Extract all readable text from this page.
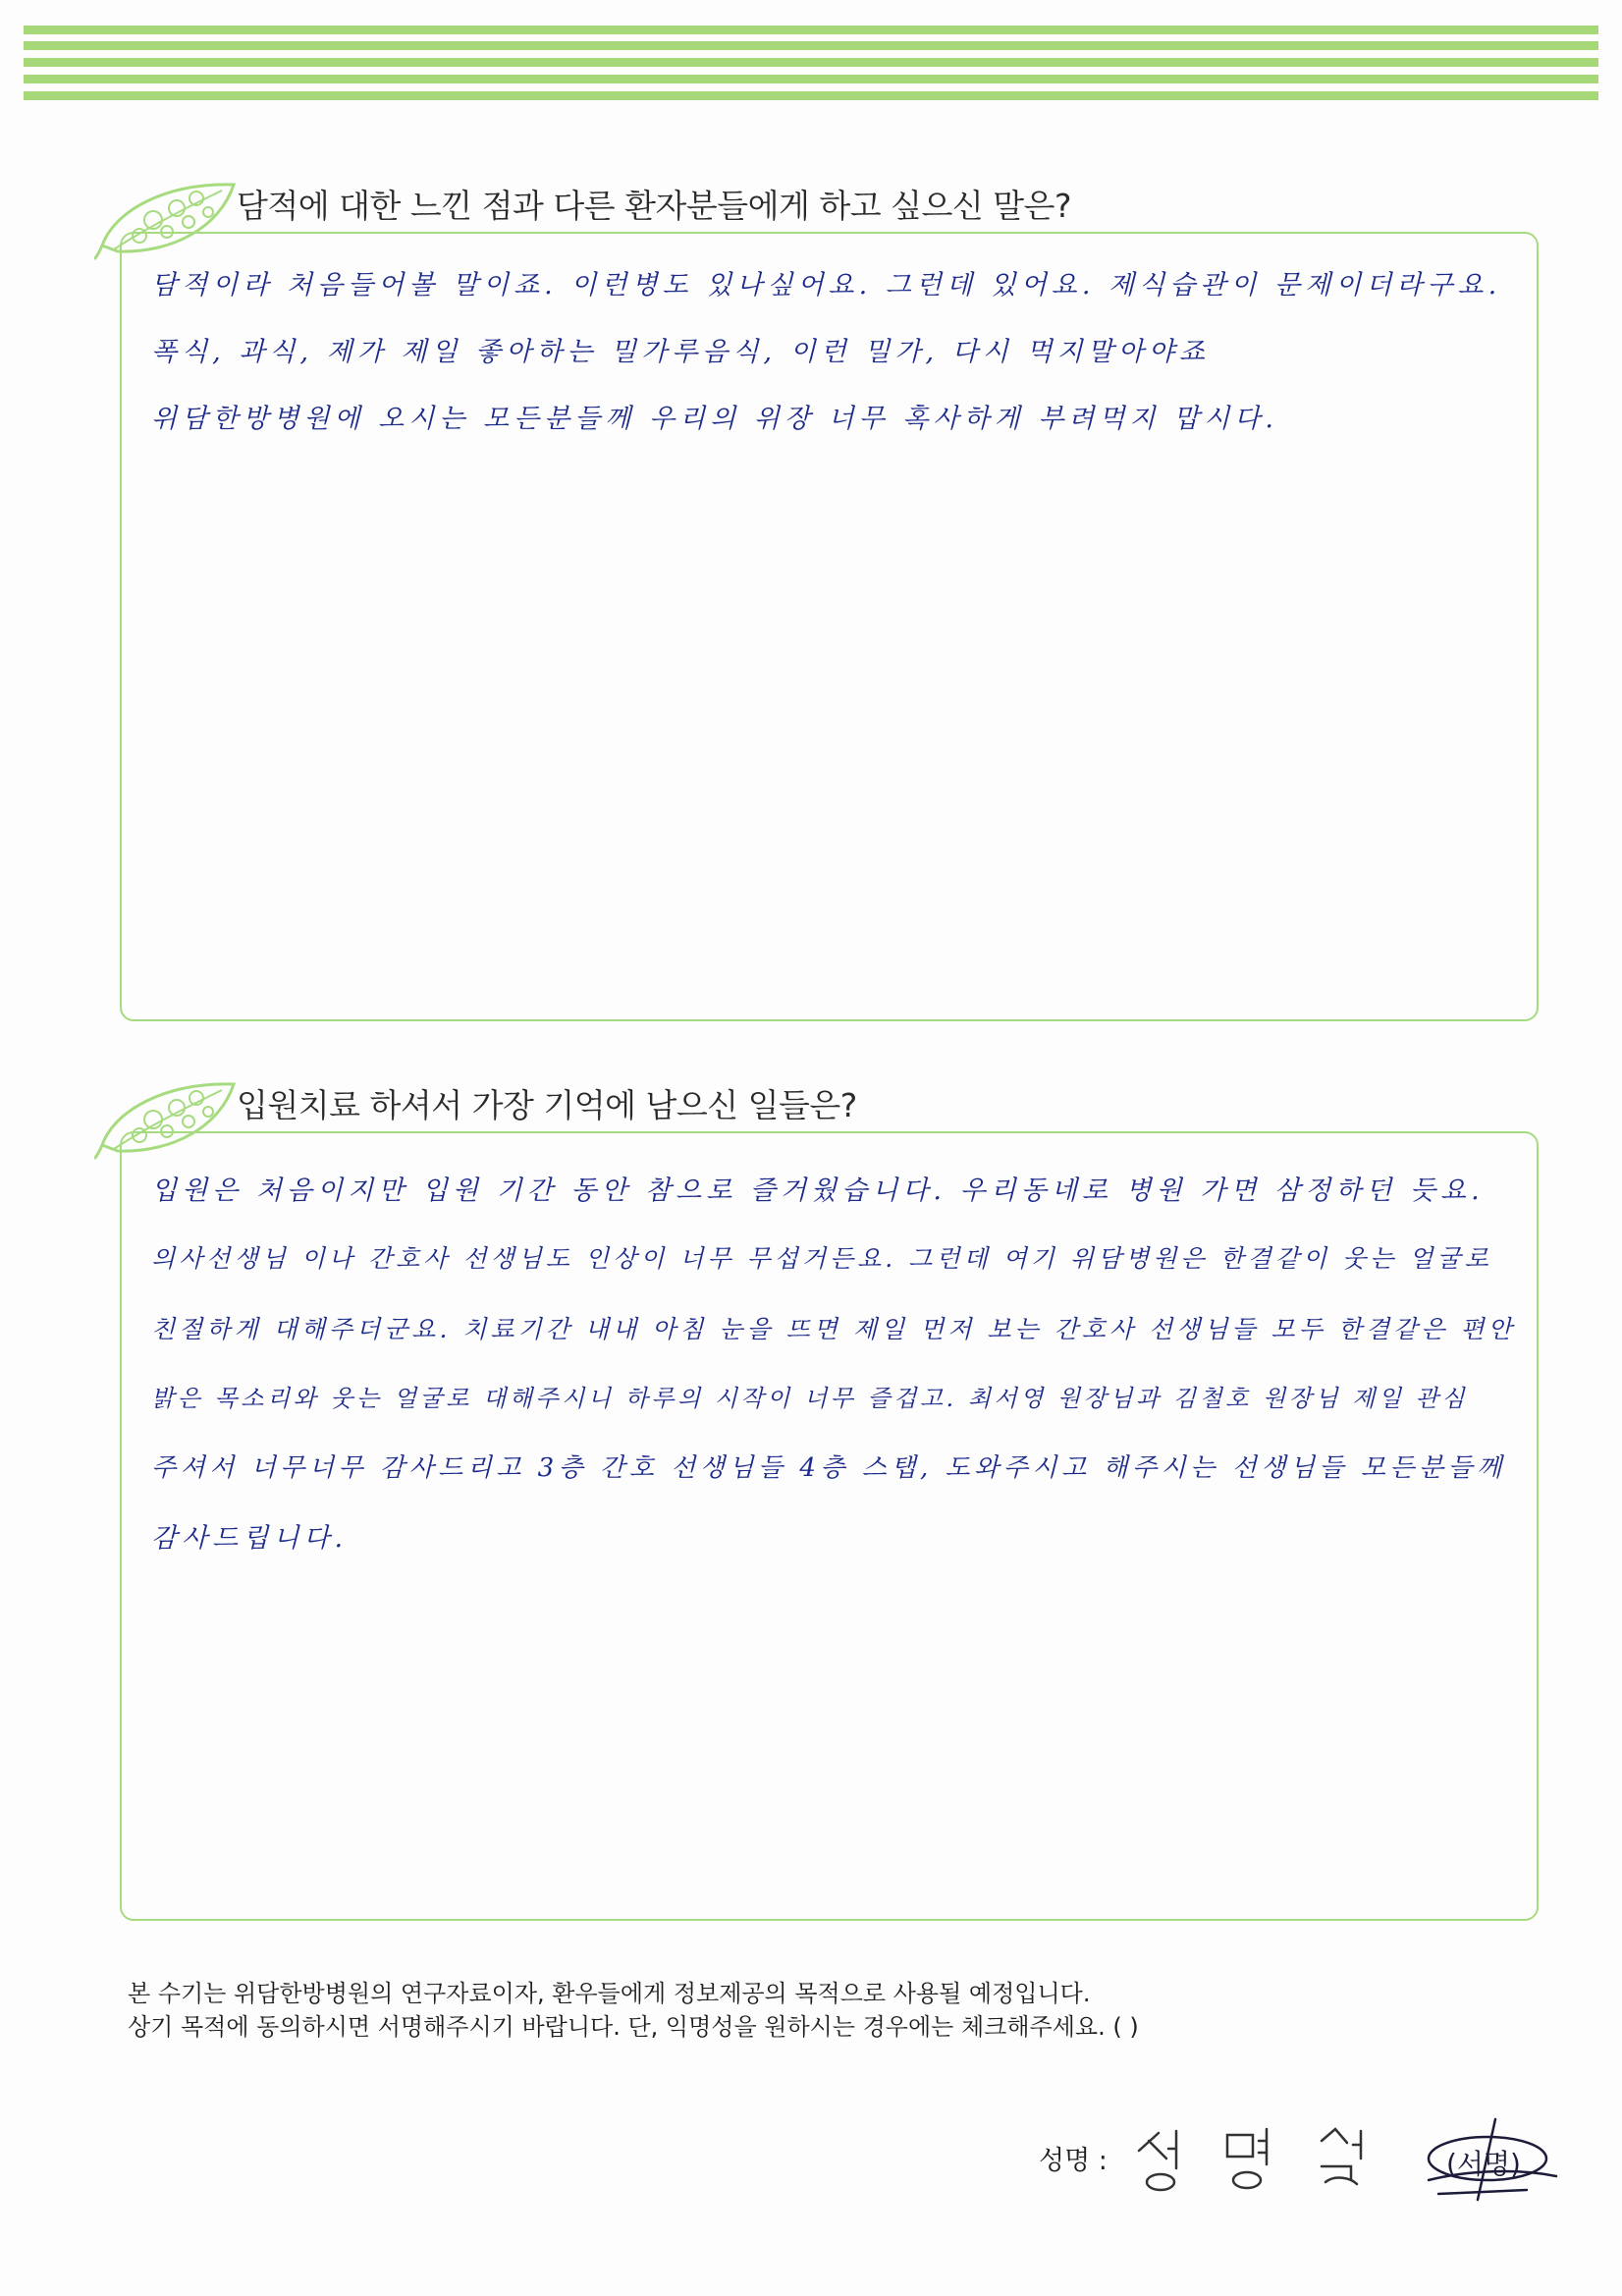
담적에 대한 느낀 점과 다른 환자분들에게 하고 싶으신 말은?
담적이라 처음들어볼 말이죠. 이런병도 있나싶어요. 그런데 있어요. 제식습관이 문제이더라구요.
폭식, 과식, 제가 제일 좋아하는 밀가루음식, 이런 밀가, 다시 먹지말아야죠
위담한방병원에 오시는 모든분들께 우리의 위장 너무 혹사하게 부려먹지 맙시다.
입원치료 하셔서 가장 기억에 남으신 일들은?
입원은 처음이지만 입원 기간 동안 참으로 즐거웠습니다. 우리동네로 병원 가면 삼정하던 듯요.
의사선생님 이나 간호사 선생님도 인상이 너무 무섭거든요. 그런데 여기 위담병원은 한결같이 웃는 얼굴로
친절하게 대해주더군요. 치료기간 내내 아침 눈을 뜨면 제일 먼저 보는 간호사 선생님들 모두 한결같은 편안
밝은 목소리와 웃는 얼굴로 대해주시니 하루의 시작이 너무 즐겁고. 최서영 원장님과 김철호 원장님 제일 관심
주셔서 너무너무 감사드리고 3층 간호 선생님들 4층 스탭, 도와주시고 해주시는 선생님들 모든분들께
감사드립니다.
본 수기는 위담한방병원의 연구자료이자, 환우들에게 정보제공의 목적으로 사용될 예정입니다.
상기 목적에 동의하시면 서명해주시기 바랍니다. 단, 익명성을 원하시는 경우에는 체크해주세요. ( )
성명 :	(서명)
